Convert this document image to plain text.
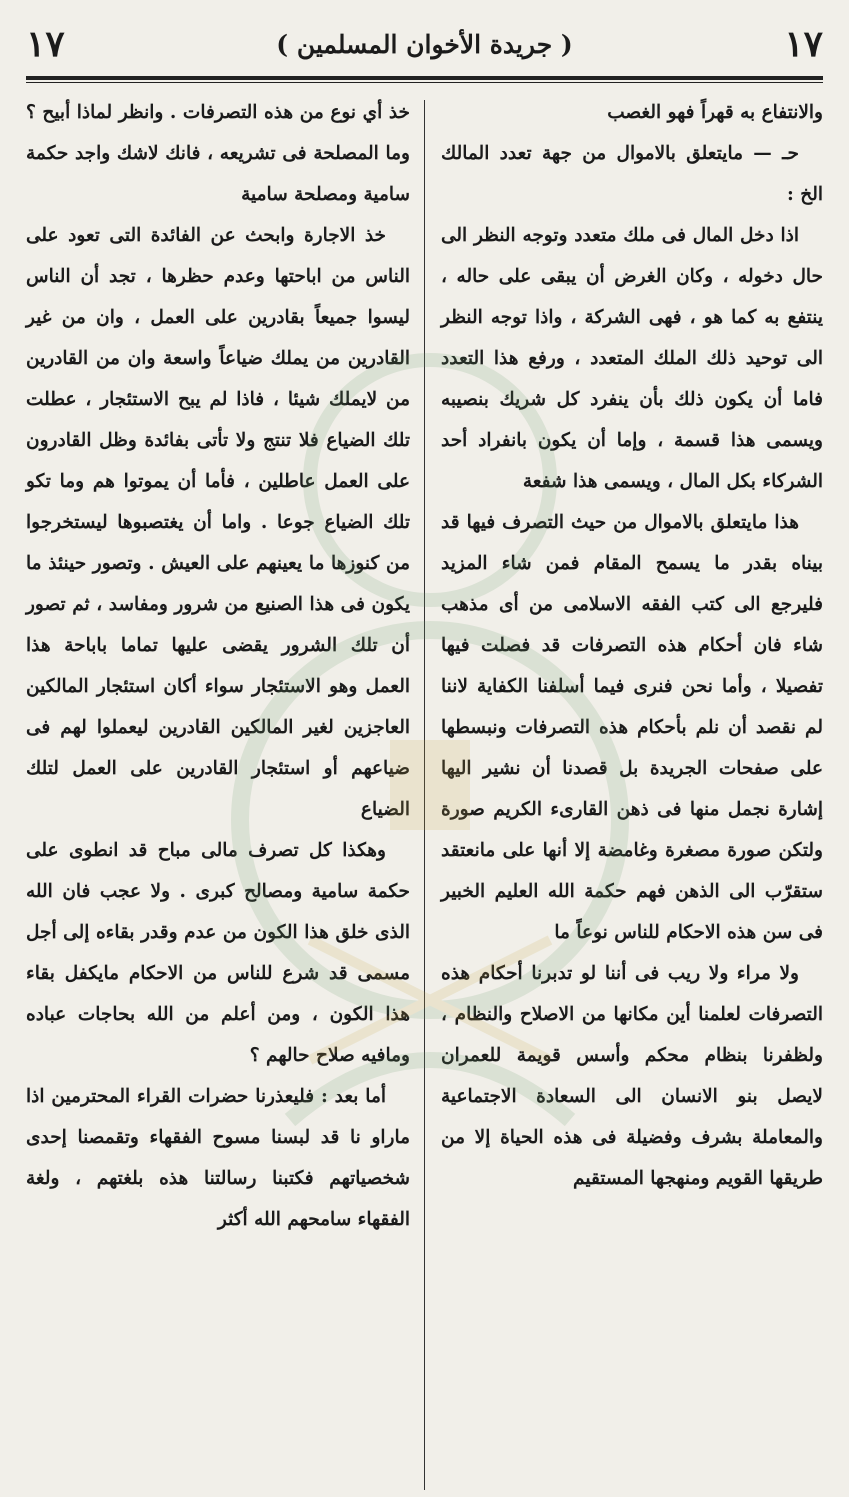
١٧
( جريدة الأخوان المسلمين )
١٧

والانتفاع به قهراً فهو الغصب

حـ — مايتعلق بالاموال من جهة تعدد المالك الخ :

اذا دخل المال فى ملك متعدد وتوجه النظر الى حال دخوله ، وكان الغرض أن يبقى على حاله ، ينتفع به كما هو ، فهى الشركة ، واذا توجه النظر الى توحيد ذلك الملك المتعدد ، ورفع هذا التعدد فاما أن يكون ذلك بأن ينفرد كل شريك بنصيبه ويسمى هذا قسمة ، وإما أن يكون بانفراد أحد الشركاء بكل المال ، ويسمى هذا شفعة

هذا مايتعلق بالاموال من حيث التصرف فيها قد بيناه بقدر ما يسمح المقام فمن شاء المزيد فليرجع الى كتب الفقه الاسلامى من أى مذهب شاء فان أحكام هذه التصرفات قد فصلت فيها تفصيلا ، وأما نحن فنرى فيما أسلفنا الكفاية لاننا لم نقصد أن نلم بأحكام هذه التصرفات ونبسطها على صفحات الجريدة بل قصدنا أن نشير اليها إشارة نجمل منها فى ذهن القارىء الكريم صورة ولتكن صورة مصغرة وغامضة إلا أنها على مانعتقد ستقرّب الى الذهن فهم حكمة الله العليم الخبير فى سن هذه الاحكام للناس نوعاً ما

ولا مراء ولا ريب فى أننا لو تدبرنا أحكام هذه التصرفات لعلمنا أين مكانها من الاصلاح والنظام ، ولظفرنا بنظام محكم وأسس قويمة للعمران لايصل بنو الانسان الى السعادة الاجتماعية والمعاملة بشرف وفضيلة فى هذه الحياة إلا من طريقها القويم ومنهجها المستقيم

خذ أي نوع من هذه التصرفات . وانظر لماذا أبيح ؟ وما المصلحة فى تشريعه ، فانك لاشك واجد حكمة سامية ومصلحة سامية

خذ الاجارة وابحث عن الفائدة التى تعود على الناس من اباحتها وعدم حظرها ، تجد أن الناس ليسوا جميعاً بقادرين على العمل ، وان من غير القادرين من يملك ضياعاً واسعة وان من القادرين من لايملك شيئا ، فاذا لم يبح الاستئجار ، عطلت تلك الضياع فلا تنتج ولا تأتى بفائدة وظل القادرون على العمل عاطلين ، فأما أن يموتوا هم وما تكو تلك الضياع جوعا . واما أن يغتصبوها ليستخرجوا من كنوزها ما يعينهم على العيش . وتصور حينئذ ما يكون فى هذا الصنيع من شرور ومفاسد ، ثم تصور أن تلك الشرور يقضى عليها تماما باباحة هذا العمل وهو الاستئجار سواء أكان استئجار المالكين العاجزين لغير المالكين القادرين ليعملوا لهم فى ضياعهم أو استئجار القادرين على العمل لتلك الضياع

وهكذا كل تصرف مالى مباح قد انطوى على حكمة سامية ومصالح كبرى . ولا عجب فان الله الذى خلق هذا الكون من عدم وقدر بقاءه إلى أجل مسمى قد شرع للناس من الاحكام مايكفل بقاء هذا الكون ، ومن أعلم من الله بحاجات عباده ومافيه صلاح حالهم ؟

أما بعد : فليعذرنا حضرات القراء المحترمين اذا ماراو نا قد لبسنا مسوح الفقهاء وتقمصنا إحدى شخصياتهم فكتبنا رسالتنا هذه بلغتهم ، ولغة الفقهاء سامحهم الله أكثر
